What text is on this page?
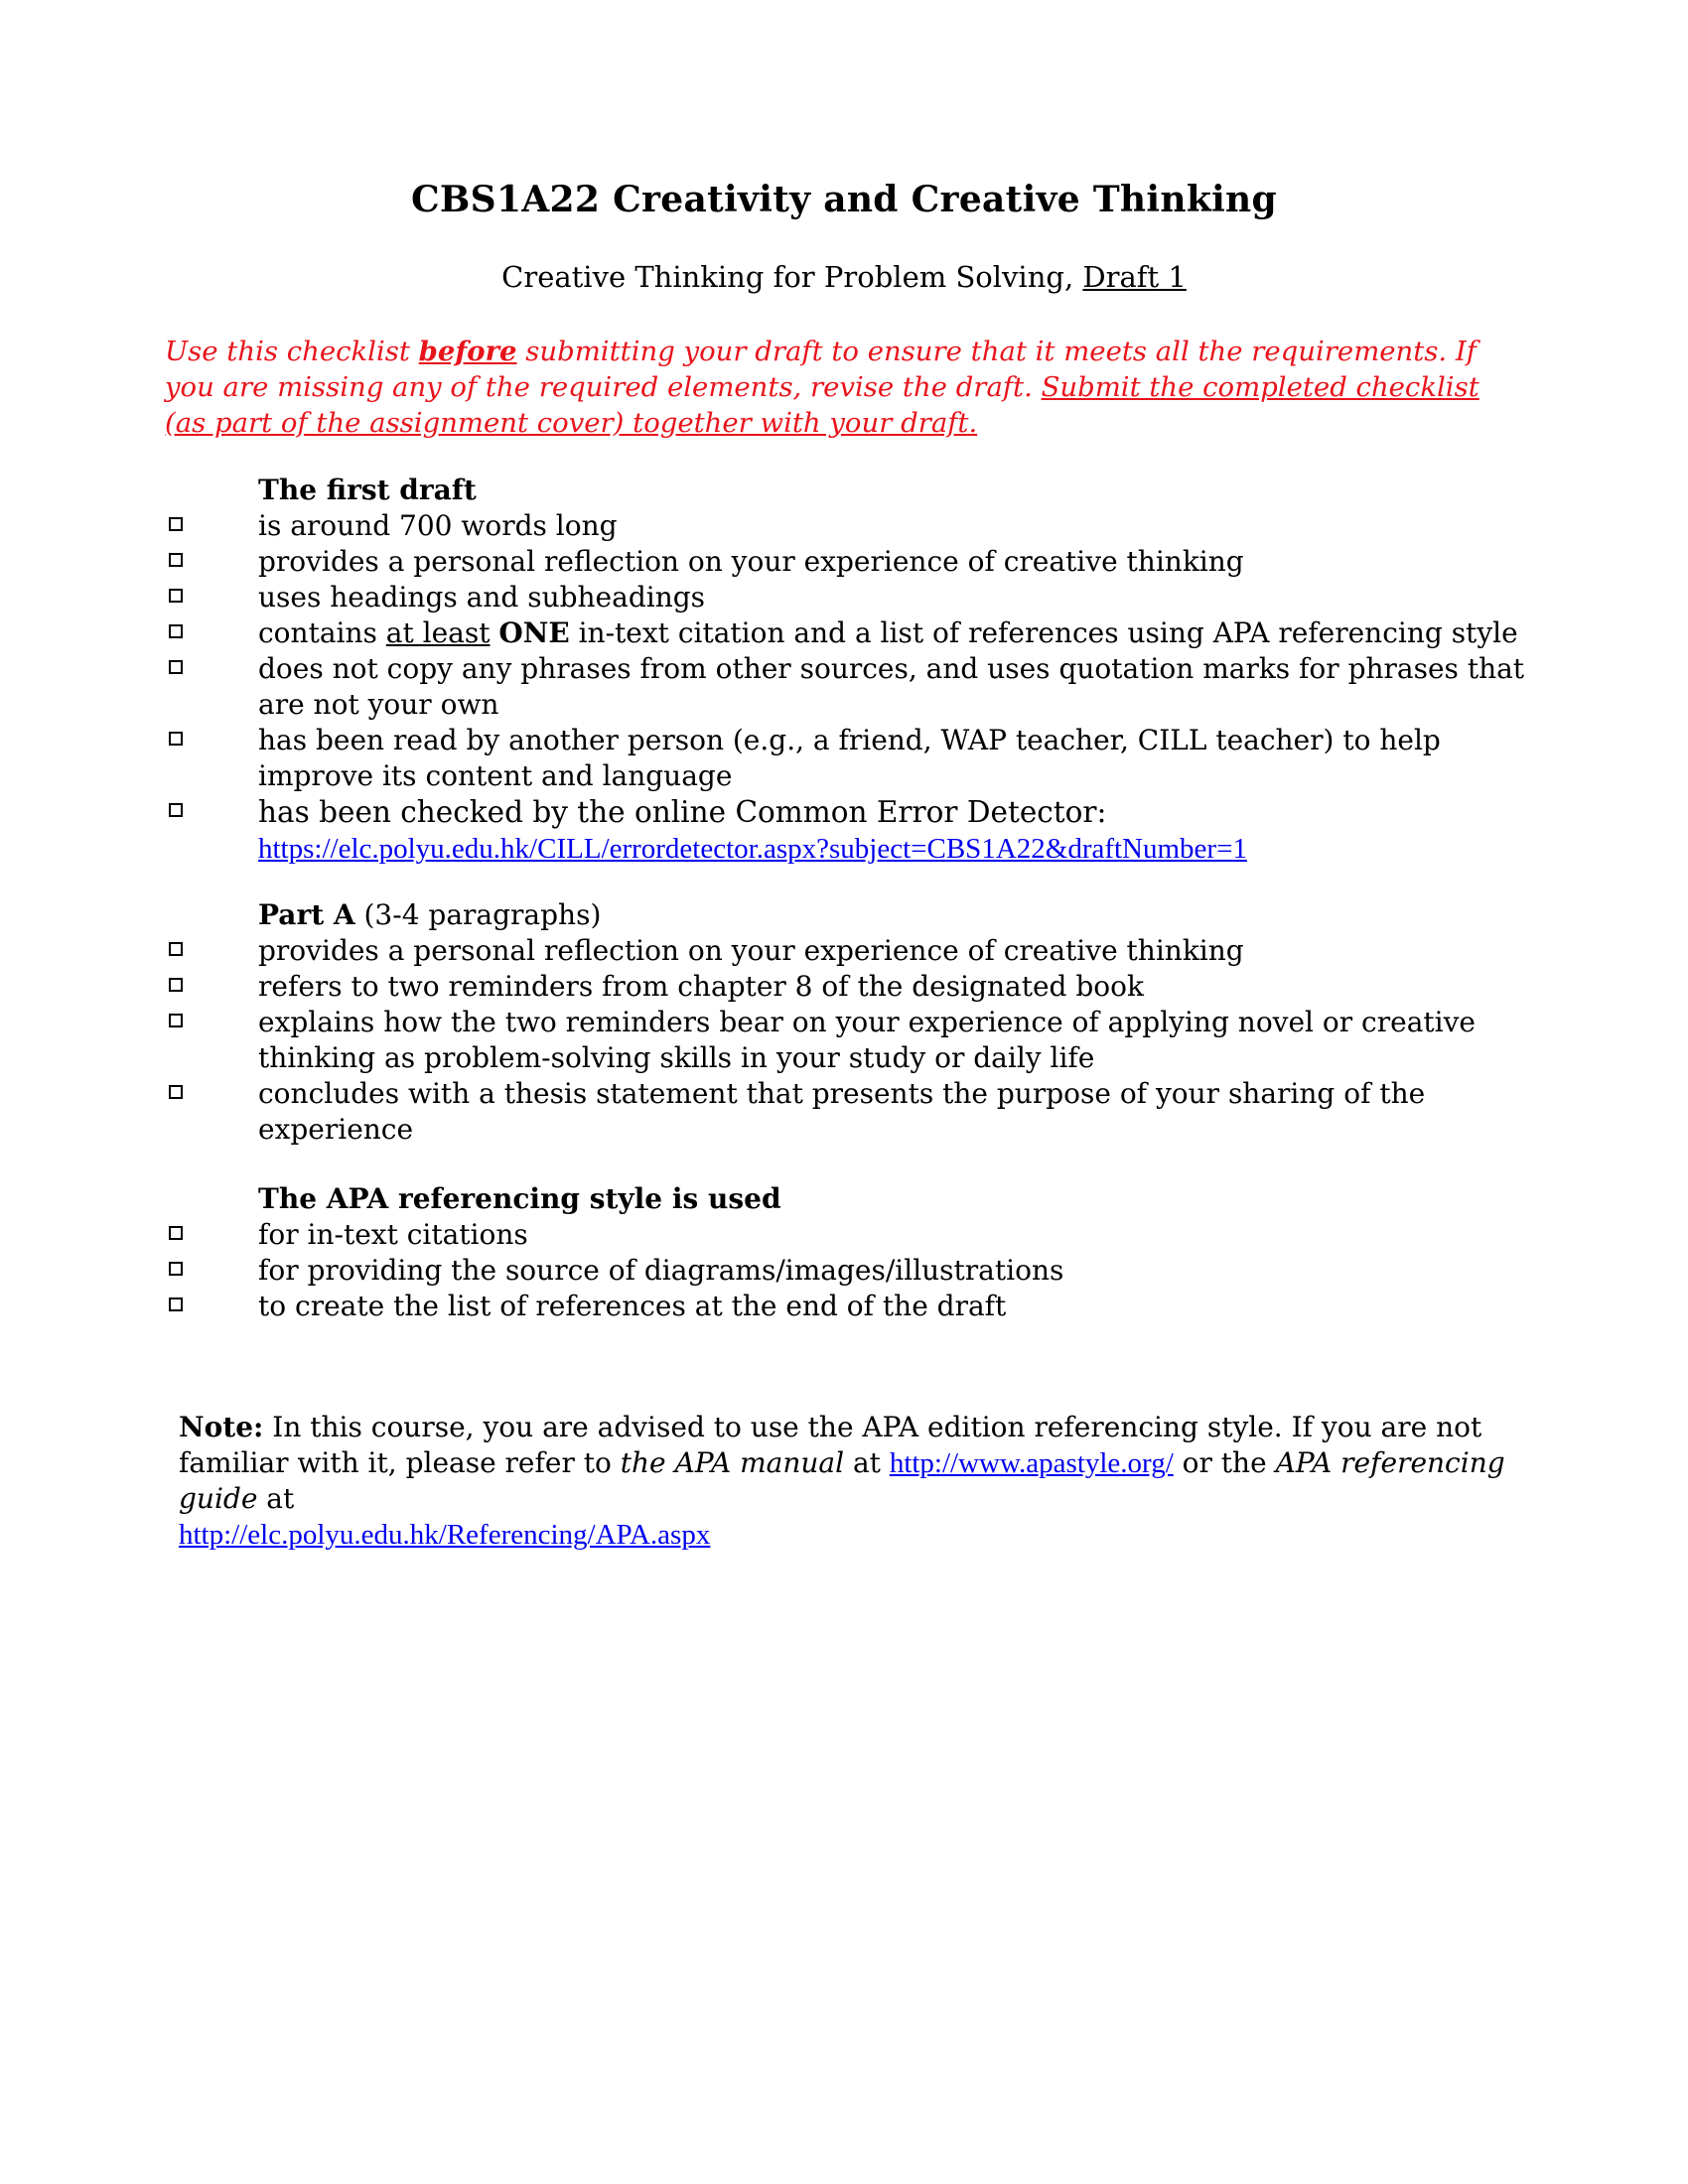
CBS1A22 Creativity and Creative Thinking
Creative Thinking for Problem Solving, Draft 1
Use this checklist before submitting your draft to ensure that it meets all the requirements. If you are missing any of the required elements, revise the draft. Submit the completed checklist (as part of the assignment cover) together with your draft.
The first draft
is around 700 words long
provides a personal reflection on your experience of creative thinking
uses headings and subheadings
contains at least ONE in-text citation and a list of references using APA referencing style
does not copy any phrases from other sources, and uses quotation marks for phrases that are not your own
has been read by another person (e.g., a friend, WAP teacher, CILL teacher) to help improve its content and language
has been checked by the online Common Error Detector:
https://elc.polyu.edu.hk/CILL/errordetector.aspx?subject=CBS1A22&draftNumber=1
Part A (3-4 paragraphs)
provides a personal reflection on your experience of creative thinking
refers to two reminders from chapter 8 of the designated book
explains how the two reminders bear on your experience of applying novel or creative thinking as problem-solving skills in your study or daily life
concludes with a thesis statement that presents the purpose of your sharing of the experience
The APA referencing style is used
for in-text citations
for providing the source of diagrams/images/illustrations
to create the list of references at the end of the draft
Note: In this course, you are advised to use the APA edition referencing style. If you are not familiar with it, please refer to the APA manual at http://www.apastyle.org/ or the APA referencing guide at
http://elc.polyu.edu.hk/Referencing/APA.aspx
